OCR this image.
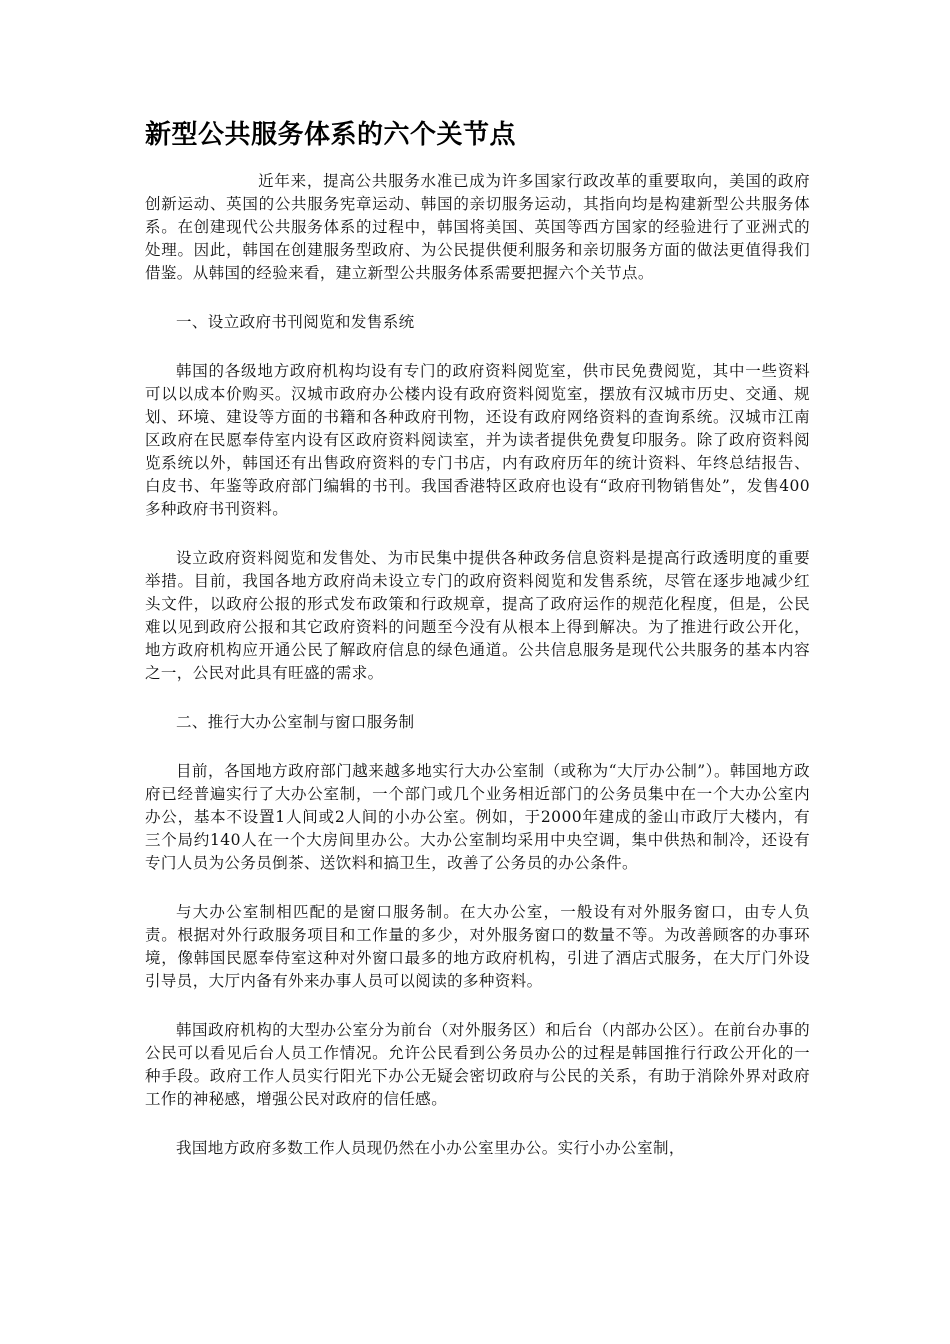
新型公共服务体系的六个关节点

近年来，提高公共服务水准已成为许多国家行政改革的重要取向，美国的政府创新运动、英国的公共服务宪章运动、韩国的亲切服务运动，其指向均是构建新型公共服务体系。在创建现代公共服务体系的过程中，韩国将美国、英国等西方国家的经验进行了亚洲式的处理。因此，韩国在创建服务型政府、为公民提供便利服务和亲切服务方面的做法更值得我们借鉴。从韩国的经验来看，建立新型公共服务体系需要把握六个关节点。

一、设立政府书刊阅览和发售系统

韩国的各级地方政府机构均设有专门的政府资料阅览室，供市民免费阅览，其中一些资料可以以成本价购买。汉城市政府办公楼内设有政府资料阅览室，摆放有汉城市历史、交通、规划、环境、建设等方面的书籍和各种政府刊物，还设有政府网络资料的查询系统。汉城市江南区政府在民愿奉侍室内设有区政府资料阅读室，并为读者提供免费复印服务。除了政府资料阅览系统以外，韩国还有出售政府资料的专门书店，内有政府历年的统计资料、年终总结报告、白皮书、年鉴等政府部门编辑的书刊。我国香港特区政府也设有“政府刊物销售处”，发售400多种政府书刊资料。

设立政府资料阅览和发售处、为市民集中提供各种政务信息资料是提高行政透明度的重要举措。目前，我国各地方政府尚未设立专门的政府资料阅览和发售系统，尽管在逐步地减少红头文件，以政府公报的形式发布政策和行政规章，提高了政府运作的规范化程度，但是，公民难以见到政府公报和其它政府资料的问题至今没有从根本上得到解决。为了推进行政公开化，地方政府机构应开通公民了解政府信息的绿色通道。公共信息服务是现代公共服务的基本内容之一，公民对此具有旺盛的需求。

二、推行大办公室制与窗口服务制

目前，各国地方政府部门越来越多地实行大办公室制（或称为“大厅办公制”）。韩国地方政府已经普遍实行了大办公室制，一个部门或几个业务相近部门的公务员集中在一个大办公室内办公，基本不设置1人间或2人间的小办公室。例如，于2000年建成的釜山市政厅大楼内，有三个局约140人在一个大房间里办公。大办公室制均采用中央空调，集中供热和制冷，还设有专门人员为公务员倒茶、送饮料和搞卫生，改善了公务员的办公条件。

与大办公室制相匹配的是窗口服务制。在大办公室，一般设有对外服务窗口，由专人负责。根据对外行政服务项目和工作量的多少，对外服务窗口的数量不等。为改善顾客的办事环境，像韩国民愿奉侍室这种对外窗口最多的地方政府机构，引进了酒店式服务，在大厅门外设引导员，大厅内备有外来办事人员可以阅读的多种资料。

韩国政府机构的大型办公室分为前台（对外服务区）和后台（内部办公区）。在前台办事的公民可以看见后台人员工作情况。允许公民看到公务员办公的过程是韩国推行行政公开化的一种手段。政府工作人员实行阳光下办公无疑会密切政府与公民的关系，有助于消除外界对政府工作的神秘感，增强公民对政府的信任感。

我国地方政府多数工作人员现仍然在小办公室里办公。实行小办公室制，
